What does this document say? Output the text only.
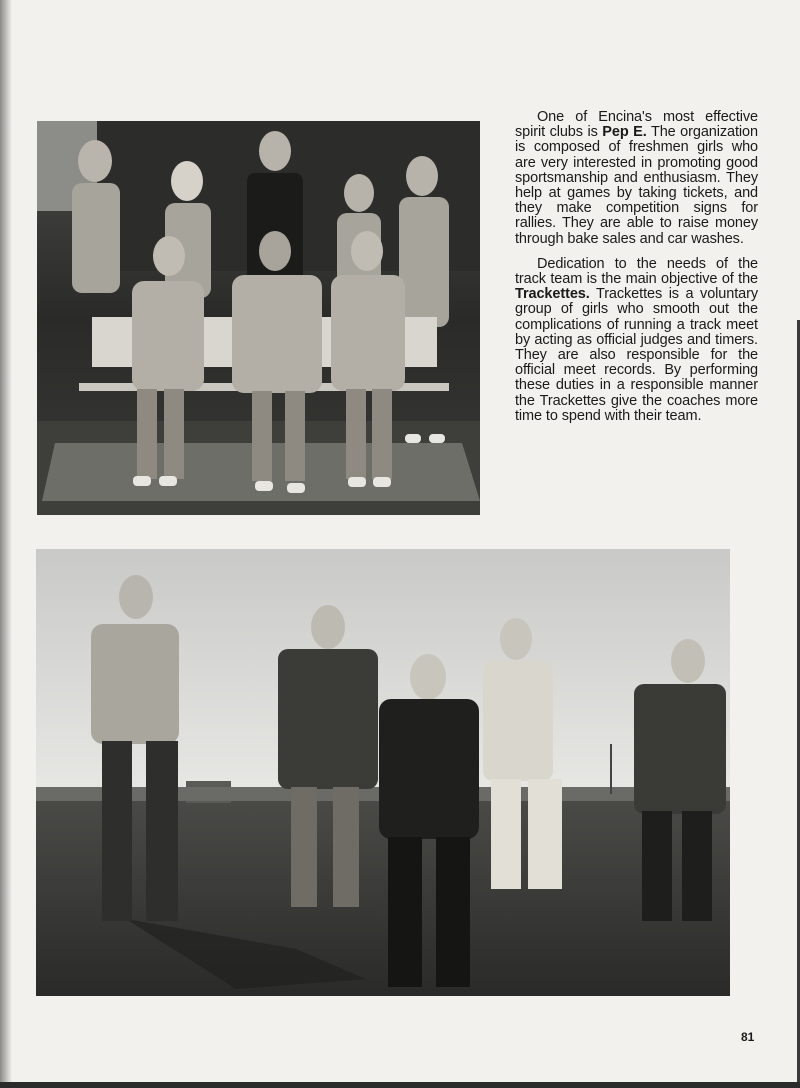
One of Encina's most effective spirit clubs is Pep E. The organization is composed of freshmen girls who are very interested in promoting good sportsmanship and enthusiasm. They help at games by taking tickets, and they make competition signs for rallies. They are able to raise money through bake sales and car washes.

Dedication to the needs of the track team is the main objective of the Trackettes. Trackettes is a voluntary group of girls who smooth out the complications of running a track meet by acting as official judges and timers. They are also responsible for the official meet records. By performing these duties in a responsible manner the Trackettes give the coaches more time to spend with their team.

81
